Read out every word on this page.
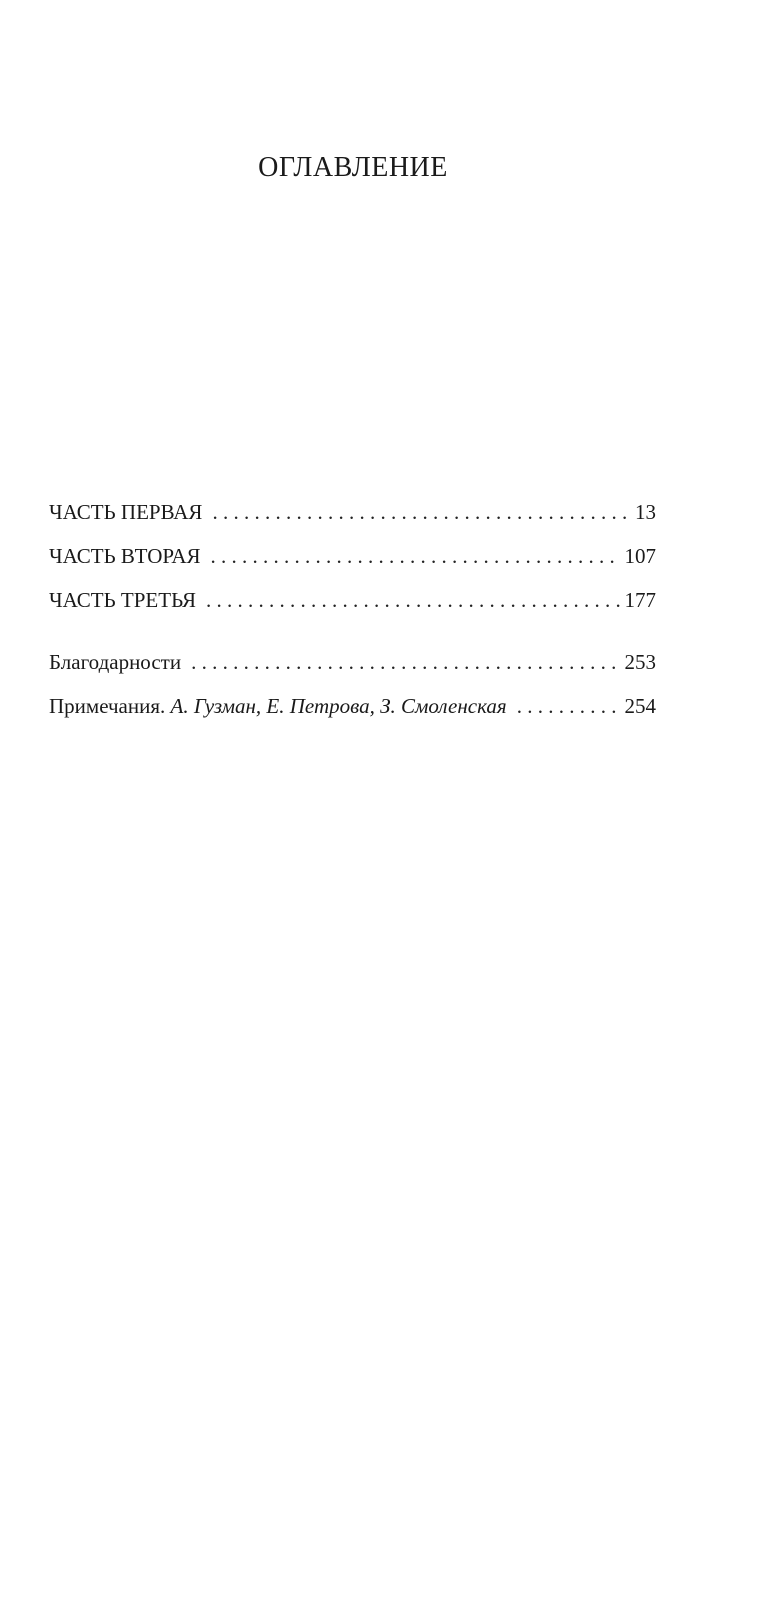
ОГЛАВЛЕНИЕ
ЧАСТЬ ПЕРВАЯ . . .	13
ЧАСТЬ ВТОРАЯ . . .	107
ЧАСТЬ ТРЕТЬЯ . . .	177
Благодарности . . .	253
Примечания. А. Гузман, Е. Петрова, З. Смоленская . . .	254
